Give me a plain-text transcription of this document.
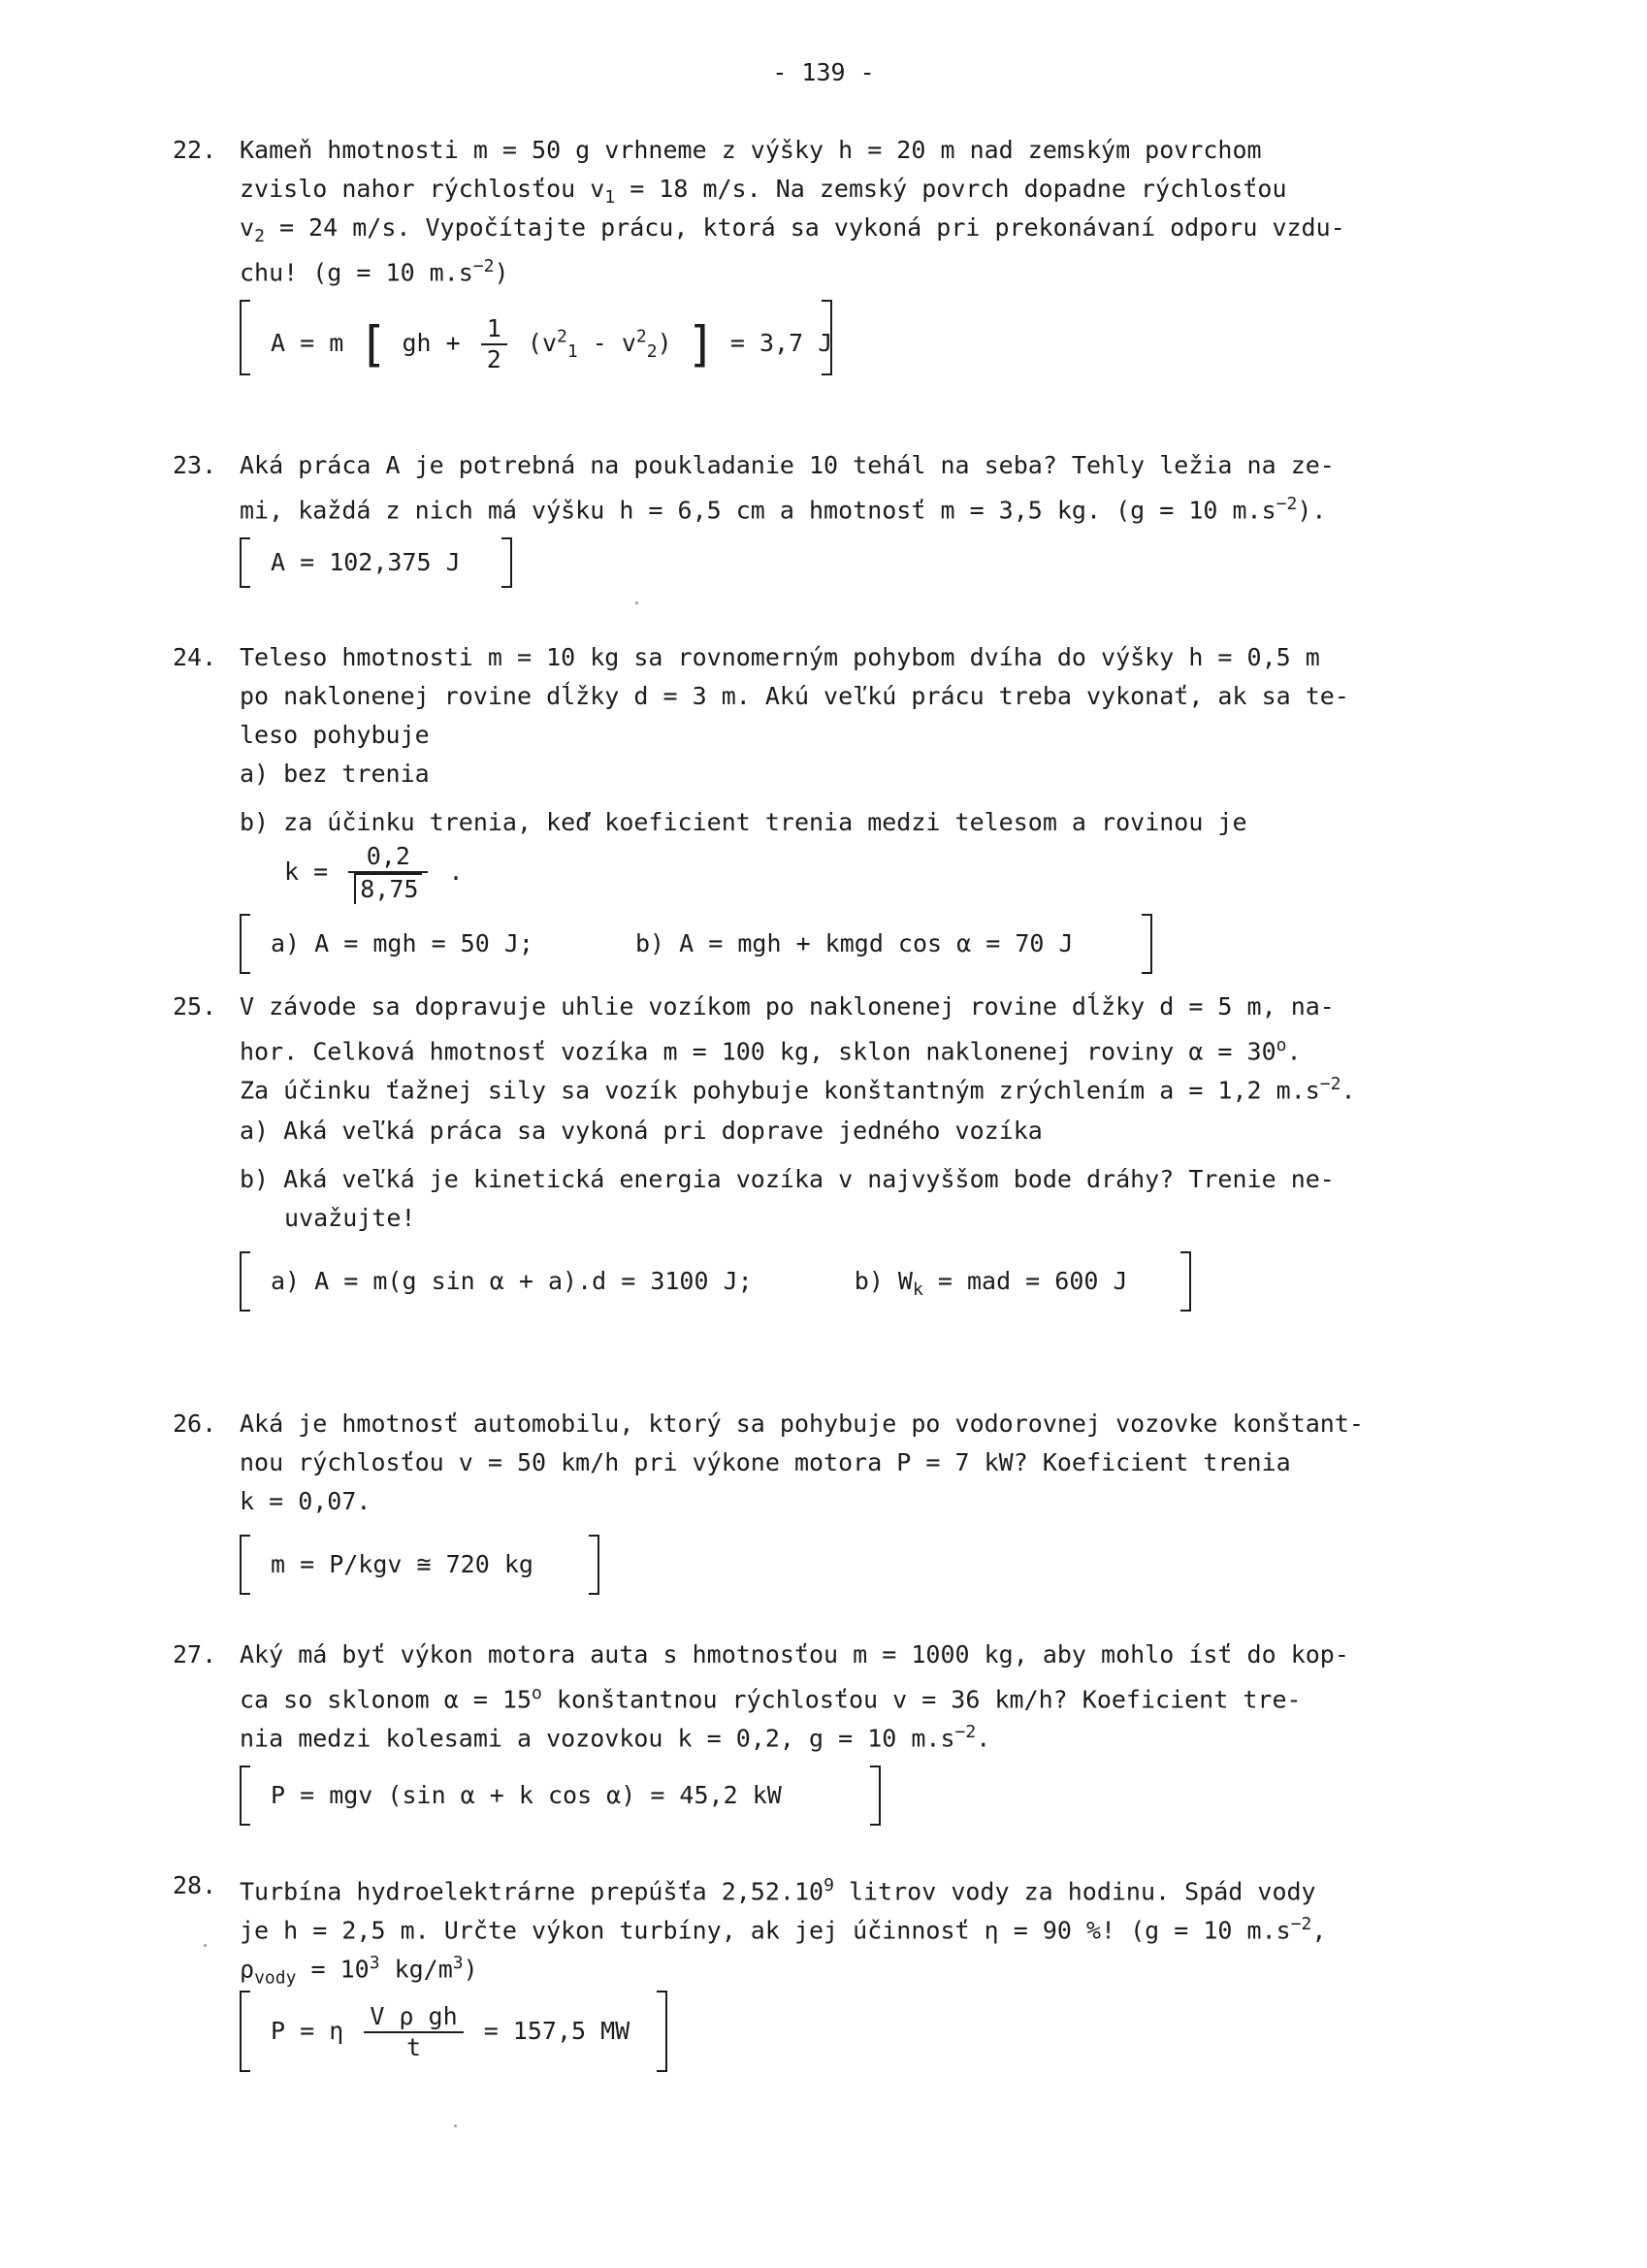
- 139 -
22. Kameň hmotnosti m = 50 g vrhneme z výšky h = 20 m nad zemským povrchom
zvislo nahor rýchlosťou $v_1 = 18$ m/s. Na zemský povrch dopadne rýchlosťou
$v_2 = 24$ m/s. Vypočítajte prácu, ktorá sa vykoná pri prekonávaní odporu vzdu-
chu! (g = 10 $m.s^{-2}$)
A = m [ gh + $\frac{1}{2} (v^2_1 - v^2_2)$ ] = 3,7 J
23. Aká práca A je potrebná na poukladanie 10 tehál na seba? Tehly ležia na ze-
mi, každá z nich má výšku h = 6,5 cm a hmotnosť m = 3,5 kg. (g = 10 $m.s^{-2}$).
A = 102,375 J
24. Teleso hmotnosti m = 10 kg sa rovnomerným pohybom dvíha do výšky h = 0,5 m
po naklonenej rovine dĺžky d = 3 m. Akú veľkú prácu treba vykonať, ak sa te-
leso pohybuje
a) bez trenia
b) za účinku trenia, keď koeficient trenia medzi telesom a rovinou je
$k = \frac{0,2}{8,75}$ .
a) A = mgh = 50 J;	b) A = mgh + kmgd cos α = 70 J
25. V závode sa dopravuje uhlie vozíkom po naklonenej rovine dĺžky d = 5 m, na-
hor. Celková hmotnosť vozíka m = 100 kg, sklon naklonenej roviny $\alpha = 30^o$.
Za účinku ťažnej sily sa vozík pohybuje konštantným zrýchlením a = 1,2 $m.s^{-2}$.
a) Aká veľká práca sa vykoná pri doprave jedného vozíka
b) Aká veľká je kinetická energia vozíka v najvyššom bode dráhy? Trenie ne-
uvažujte!
a) A = m(g sin α + a).d = 3100 J;	b) $W_k$ = mad = 600 J
26. Aká je hmotnosť automobilu, ktorý sa pohybuje po vodorovnej vozovke konštant-
nou rýchlosťou v = 50 km/h pri výkone motora P = 7 kW? Koeficient trenia
k = 0,07.
m = P/kgv ≅ 720 kg
27. Aký má byť výkon motora auta s hmotnosťou m = 1000 kg, aby mohlo ísť do kop-
ca so sklonom $\alpha = 15^o$ konštantnou rýchlosťou v = 36 km/h? Koeficient tre-
nia medzi kolesami a vozovkou k = 0,2, g = 10 $m.s^{-2}$.
P = mgv (sin α + k cos α) = 45,2 kW
28. Turbína hydroelektrárne prepúšťa 2,52.10$^9$ litrov vody za hodinu. Spád vody
je h = 2,5 m. Určte výkon turbíny, ak jej účinnosť η = 90 %! (g = 10 $m.s^{-2}$,
$\rho_{vody} = 10^3$ $kg/m^3$)
P = η $\frac{\text{V ρ gh}}{t} = 157,5$ MW
